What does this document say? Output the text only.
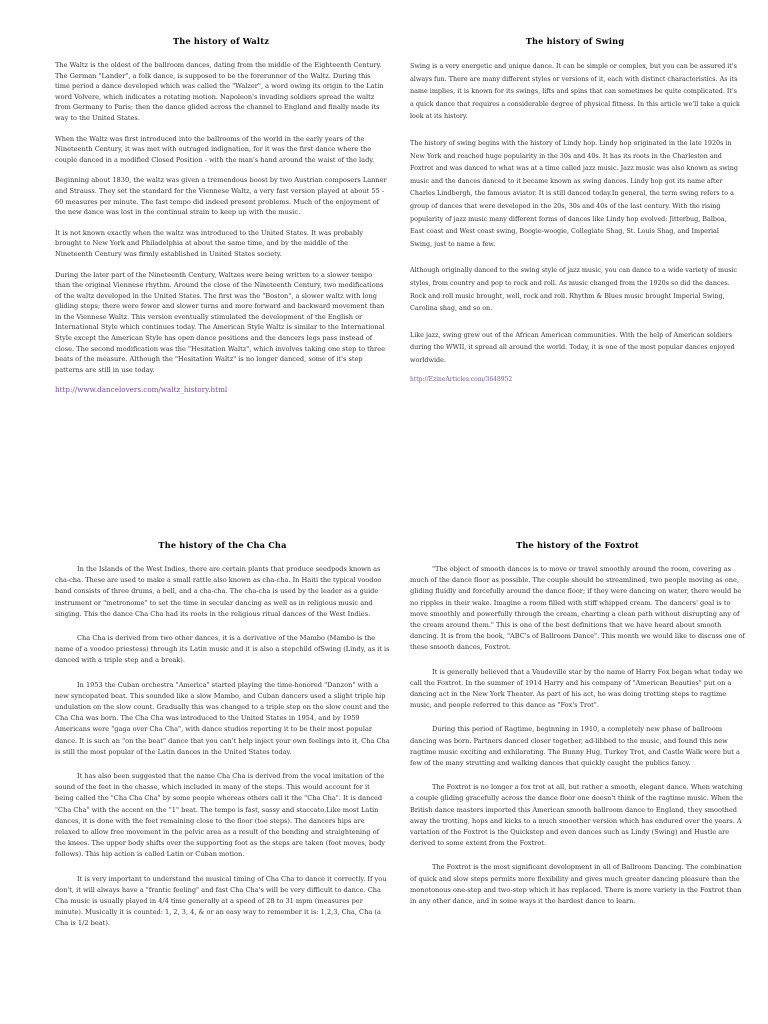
The history of Waltz

The Waltz is the oldest of the ballroom dances, dating from the middle of the Eighteenth Century. The German "Lander", a folk dance, is supposed to be the forerunner of the Waltz. During this time period a dance developed which was called the "Walzer", a word owing its origin to the Latin word Volvere, which indicates a rotating motion. Napoleon's invading soldiers spread the waltz from Germany to Paris; then the dance glided across the channel to England and finally made its way to the United States.

When the Waltz was first introduced into the ballrooms of the world in the early years of the Nineteenth Century, it was met with outraged indignation, for it was the first dance where the couple danced in a modified Closed Position - with the man's hand around the waist of the lady.

Beginning about 1830, the waltz was given a tremendous boost by two Austrian composers Lanner and Strauss. They set the standard for the Viennese Waltz, a very fast version played at about 55 - 60 measures per minute. The fast tempo did indeed present problems. Much of the enjoyment of the new dance was lost in the continual strain to keep up with the music.

It is not known exactly when the waltz was introduced to the United States. It was probably brought to New York and Philadelphia at about the same time, and by the middle of the Nineteenth Century was firmly established in United States society.

During the later part of the Nineteenth Century, Waltzes were being written to a slower tempo than the original Viennese rhythm. Around the close of the Nineteenth Century, two modifications of the waltz developed in the United States. The first was the "Boston", a slower waltz with long gliding steps; there were fewer and slower turns and more forward and backward movement than in the Viennese Waltz. This version eventually stimulated the development of the English or International Style which continues today. The American Style Waltz is similar to the International Style except the American Style has open dance positions and the dancers legs pass instead of close. The second modification was the "Hesitation Waltz", which involves taking one step to three beats of the measure. Although the "Hesitation Waltz" is no longer danced, some of it's step patterns are still in use today.

http://www.dancelovers.com/waltz_history.html
The history of Swing

Swing is a very energetic and unique dance. It can be simple or complex, but you can be assured it's always fun. There are many different styles or versions of it, each with distinct characteristics. As its name implies, it is known for its swings, lifts and spins that can sometimes be quite complicated. It's a quick dance that requires a considerable degree of physical fitness. In this article we'll take a quick look at its history.

The history of swing begins with the history of Lindy hop. Lindy hop originated in the late 1920s in New York and reached huge popularity in the 30s and 40s. It has its roots in the Charleston and Foxtrot and was danced to what was at a time called jazz music. Jazz music was also known as swing music and the dances danced to it became known as swing dances. Lindy hop got its name after Charles Lindbergh, the famous aviator. It is still danced today.In general, the term swing refers to a group of dances that were developed in the 20s, 30s and 40s of the last century. With the rising popularity of jazz music many different forms of dances like Lindy hop evolved: Jitterbug, Balboa, East coast and West coast swing, Boogie-woogie, Collegiate Shag, St. Louis Shag, and Imperial Swing, just to name a few.

Although originally danced to the swing style of jazz music, you can dance to a wide variety of music styles, from country and pop to rock and roll. As music changed from the 1920s so did the dances. Rock and roll music brought, well, rock and roll. Rhythm & Blues music brought Imperial Swing, Carolina shag, and so on.

Like jazz, swing grew out of the African American communities. With the help of American soldiers during the WWII, it spread all around the world. Today, it is one of the most popular dances enjoyed worldwide.

http://EzineArticles.com/3648952
The history of the Cha Cha

In the Islands of the West Indies, there are certain plants that produce seedpods known as cha-cha. These are used to make a small rattle also known as cha-cha. In Haiti the typical voodoo band consists of three drums, a bell, and a cha-cha. The cha-cha is used by the leader as a guide instrument or "metronome" to set the time in secular dancing as well as in religious music and singing. This the dance Cha Cha had its roots in the religious ritual dances of the West Indies.

Cha Cha is derived from two other dances, it is a derivative of the Mambo (Mambo is the name of a voodoo priestess) through its Latin music and it is also a stepchild ofSwing (Lindy, as it is danced with a triple step and a break).

In 1953 the Cuban orchestra "America" started playing the time-honored "Danzon" with a new syncopated beat. This sounded like a slow Mambo, and Cuban dancers used a slight triple hip undulation on the slow count. Gradually this was changed to a triple step on the slow count and the Cha Cha was born. The Cha Cha was introduced to the United States in 1954, and by 1959 Americans were "gaga over Cha Cha", with dance studios reporting it to be their most popular dance. It is such an "on the beat" dance that you can't help inject your own feelings into it, Cha Cha is still the most popular of the Latin dances in the United States today.

It has also been suggested that the name Cha Cha is derived from the vocal imitation of the sound of the feet in the chasse, which included in many of the steps. This would account for it being called the "Cha Cha Cha" by some people whereas others call it the "Cha Cha". It is danced "Cha Cha" with the accent on the "1" beat. The tempo is fast, sassy and staccato.Like most Latin dances, it is done with the feet remaining close to the floor (toe steps). The dancers hips are relaxed to allow free movement in the pelvic area as a result of the bending and straightening of the knees. The upper body shifts over the supporting foot as the steps are taken (foot moves, body follows). This hip action is called Latin or Cuban motion.

It is very important to understand the musical timing of Cha Cha to dance it correctly. If you don't, it will always have a "frantic feeling" and fast Cha Cha's will be very difficult to dance. Cha Cha music is usually played in 4/4 time generally at a speed of 28 to 31 mpm (measures per minute). Musically it is counted: 1, 2, 3, 4, & or an easy way to remember it is: 1,2,3, Cha, Cha (a Cha is 1/2 beat).

The history of the Foxtrot

"The object of smooth dances is to move or travel smoothly around the room, covering as much of the dance floor as possible. The couple should be streamlined, two people moving as one, gliding fluidly and forcefully around the dance floor; if they were dancing on water, there would be no ripples in their wake. Imagine a room filled with stiff whipped cream. The dancers' goal is to move smoothly and powerfully through the cream, charting a clean path without disrupting any of the cream around them." This is one of the best definitions that we have heard about smooth dancing. It is from the book, "ABC's of Ballroom Dance". This month we would like to discuss one of these smooth dances, Foxtrot.

It is generally believed that a Vaudeville star by the name of Harry Fox began what today we call the Foxtrot. In the summer of 1914 Harry and his company of "American Beauties" put on a dancing act in the New York Theater. As part of his act, he was doing trotting steps to ragtime music, and people referred to this dance as "Fox's Trot".

During this period of Ragtime, beginning in 1910, a completely new phase of ballroom dancing was born. Partners danced closer together, ad-libbed to the music, and found this new ragtime music exciting and exhilarating. The Bunny Hug, Turkey Trot, and Castle Walk were but a few of the many strutting and walking dances that quickly caught the publics fancy.

The Foxtrot is no longer a fox trot at all, but rather a smooth, elegant dance. When watching a couple gliding gracefully across the dance floor one doesn't think of the ragtime music. When the British dance masters imported this American smooth ballroom dance to England, they smoothed away the trotting, hops and kicks to a much smoother version which has endured over the years. A variation of the Foxtrot is the Quickstep and even dances such as Lindy (Swing) and Hustle are derived to some extent from the Foxtrot.

The Foxtrot is the most significant development in all of Ballroom Dancing. The combination of quick and slow steps permits more flexibility and gives much greater dancing pleasure than the monotonous one-step and two-step which it has replaced. There is more variety in the Foxtrot than in any other dance, and in some ways it the hardest dance to learn.
